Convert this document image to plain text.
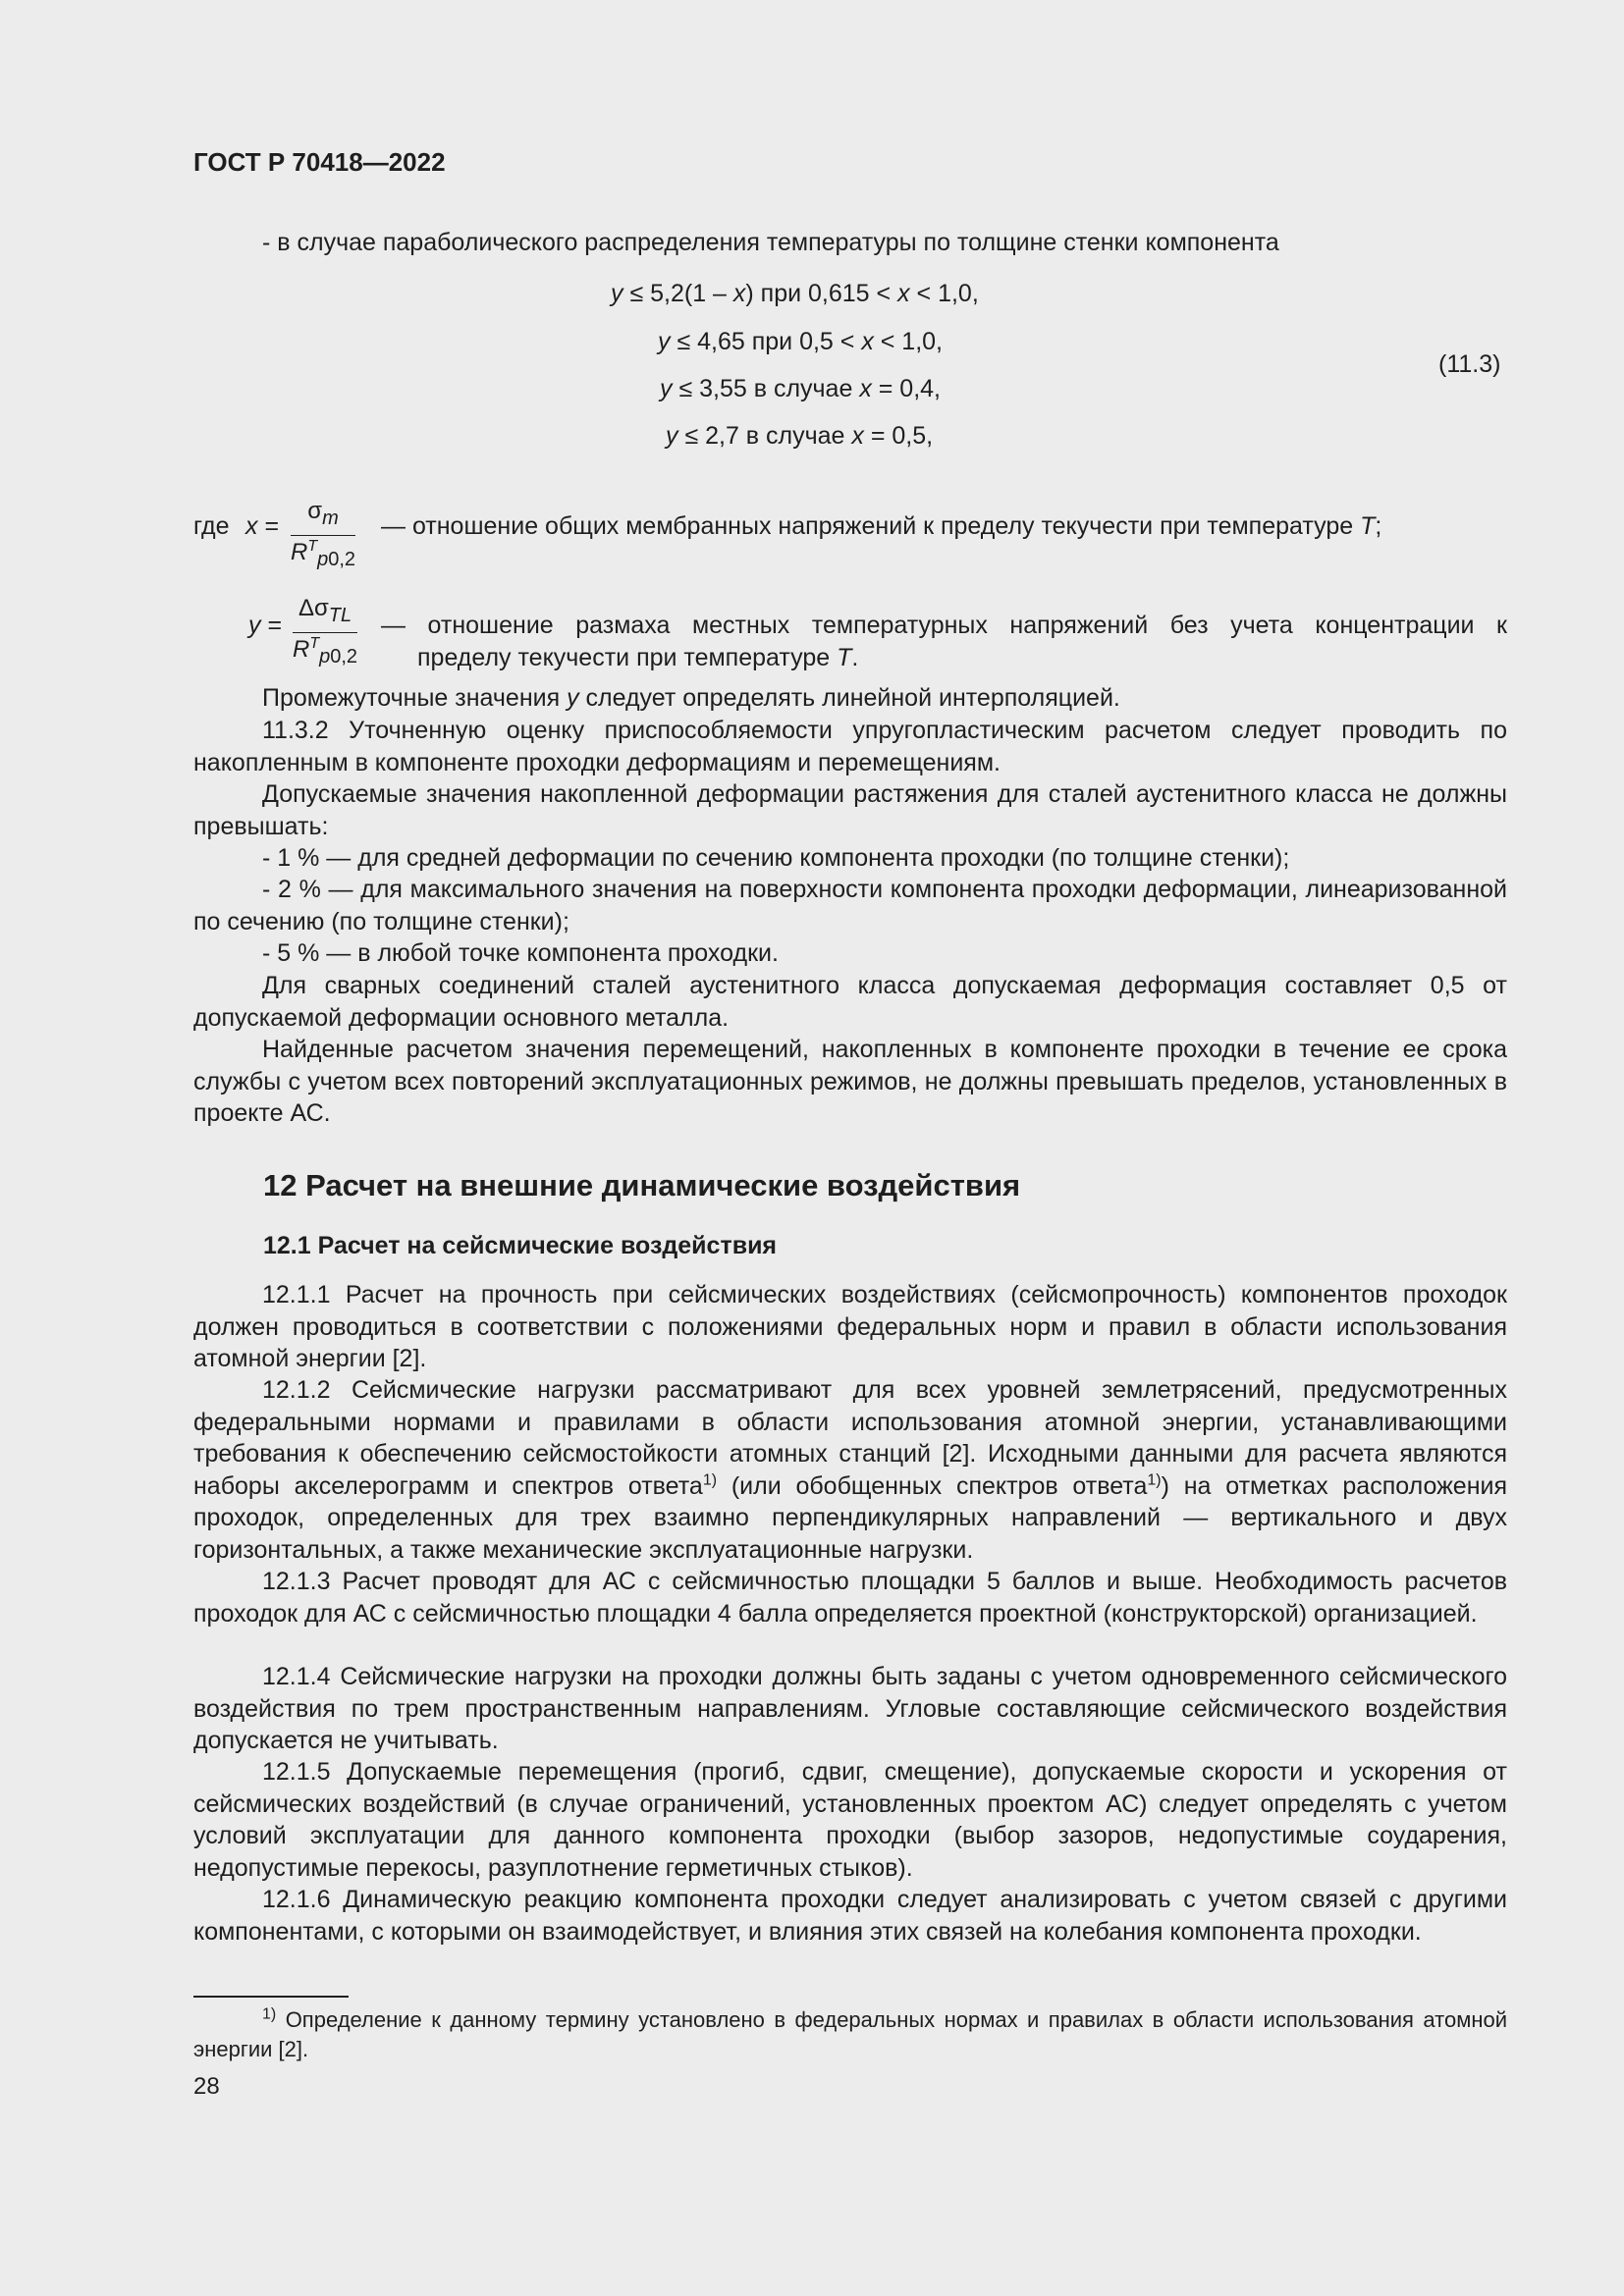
ГОСТ Р 70418—2022
- в случае параболического распределения температуры по толщине стенки компонента
y ≤ 5,2(1 – x) при 0,615 < x < 1,0,
y ≤ 4,65 при 0,5 < x < 1,0,
y ≤ 3,55 в случае x = 0,4,
y ≤ 2,7 в случае x = 0,5,
(11.3)
где x =
$\sigma_m$
$R^T_{p0,2}$
— отношение общих мембранных напряжений к пределу текучести при температуре T;
y =
$\Delta\sigma_{TL}$
$R^T_{p0,2}$
— отношение размаха местных температурных напряжений без учета концентрации к
пределу текучести при температуре T.
Промежуточные значения y следует определять линейной интерполяцией.
11.3.2 Уточненную оценку приспособляемости упругопластическим расчетом следует проводить по накопленным в компоненте проходки деформациям и перемещениям.
Допускаемые значения накопленной деформации растяжения для сталей аустенитного класса не должны превышать:
- 1 % — для средней деформации по сечению компонента проходки (по толщине стенки);
- 2 % — для максимального значения на поверхности компонента проходки деформации, линеаризованной по сечению (по толщине стенки);
- 5 % — в любой точке компонента проходки.
Для сварных соединений сталей аустенитного класса допускаемая деформация составляет 0,5 от допускаемой деформации основного металла.
Найденные расчетом значения перемещений, накопленных в компоненте проходки в течение ее срока службы с учетом всех повторений эксплуатационных режимов, не должны превышать пределов, установленных в проекте АС.
12 Расчет на внешние динамические воздействия
12.1 Расчет на сейсмические воздействия
12.1.1 Расчет на прочность при сейсмических воздействиях (сейсмопрочность) компонентов проходок должен проводиться в соответствии с положениями федеральных норм и правил в области использования атомной энергии [2].
12.1.2 Сейсмические нагрузки рассматривают для всех уровней землетрясений, предусмотренных федеральными нормами и правилами в области использования атомной энергии, устанавливающими требования к обеспечению сейсмостойкости атомных станций [2]. Исходными данными для расчета являются наборы акселерограмм и спектров ответа$^{1)}$ (или обобщенных спектров ответа$^{1)}$) на отметках расположения проходок, определенных для трех взаимно перпендикулярных направлений — вертикального и двух горизонтальных, а также механические эксплуатационные нагрузки.
12.1.3 Расчет проводят для АС с сейсмичностью площадки 5 баллов и выше. Необходимость расчетов проходок для АС с сейсмичностью площадки 4 балла определяется проектной (конструкторской) организацией.
12.1.4 Сейсмические нагрузки на проходки должны быть заданы с учетом одновременного сейсмического воздействия по трем пространственным направлениям. Угловые составляющие сейсмического воздействия допускается не учитывать.
12.1.5 Допускаемые перемещения (прогиб, сдвиг, смещение), допускаемые скорости и ускорения от сейсмических воздействий (в случае ограничений, установленных проектом АС) следует определять с учетом условий эксплуатации для данного компонента проходки (выбор зазоров, недопустимые соударения, недопустимые перекосы, разуплотнение герметичных стыков).
12.1.6 Динамическую реакцию компонента проходки следует анализировать с учетом связей с другими компонентами, с которыми он взаимодействует, и влияния этих связей на колебания компонента проходки.
$^{1)}$ Определение к данному термину установлено в федеральных нормах и правилах в области использования атомной энергии [2].
28
